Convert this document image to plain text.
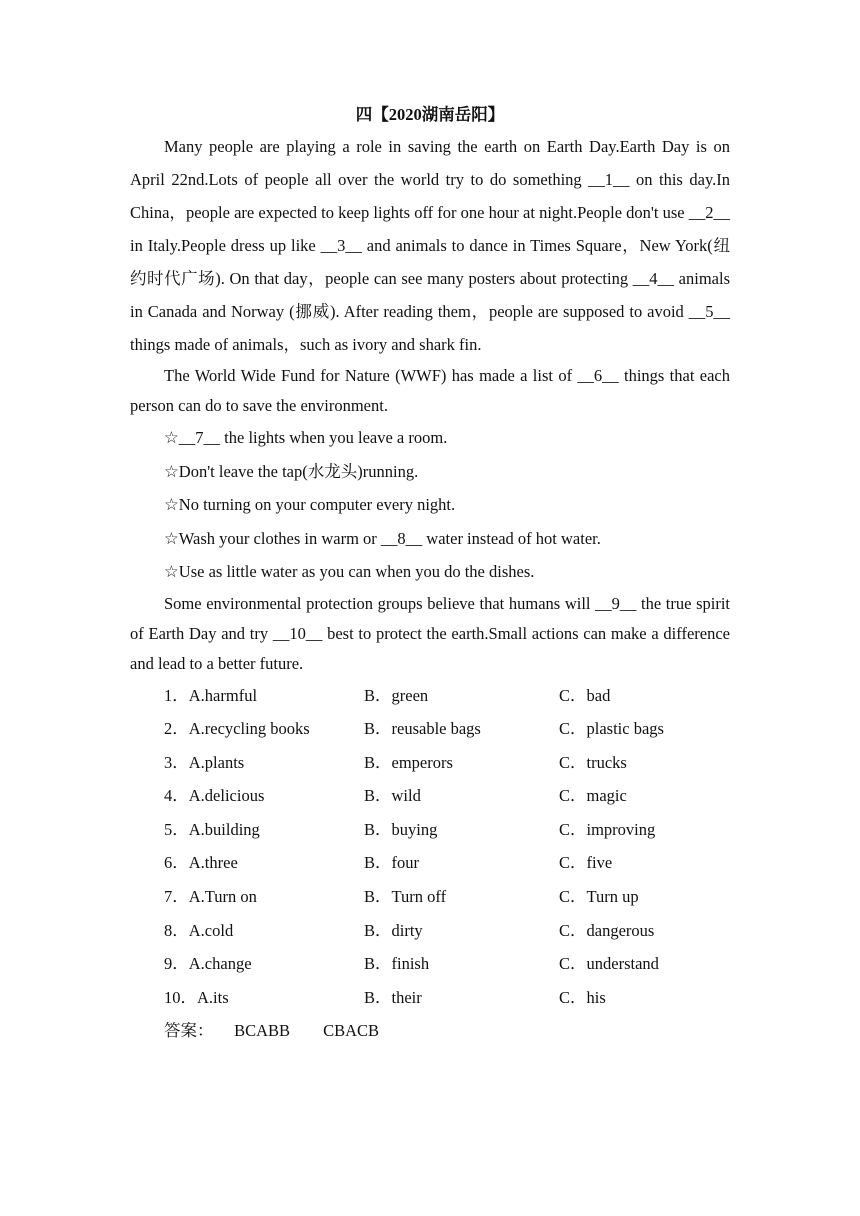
四【2020湖南岳阳】

Many people are playing a role in saving the earth on Earth Day.Earth Day is on April 22nd.Lots of people all over the world try to do something __1__ on this day.In China，people are expected to keep lights off for one hour at night.People don't use __2__ in Italy.People dress up like __3__ and animals to dance in Times Square，New York(纽约时代广场). On that day，people can see many posters about protecting __4__ animals in Canada and Norway (挪威). After reading them，people are supposed to avoid __5__ things made of animals，such as ivory and shark fin.

The World Wide Fund for Nature (WWF) has made a list of __6__ things that each person can do to save the environment.

☆__7__ the lights when you leave a room.

☆Don't leave the tap(水龙头)running.

☆No turning on your computer every night.

☆Wash your clothes in warm or __8__ water instead of hot water.

☆Use as little water as you can when you do the dishes.

Some environmental protection groups believe that humans will __9__ the true spirit of Earth Day and try __10__ best to protect the earth.Small actions can make a difference and lead to a better future.

1．A.harmful	B．green	C．bad
2．A.recycling books	B．reusable bags	C．plastic bags
3．A.plants	B．emperors	C．trucks
4．A.delicious	B．wild	C．magic
5．A.building	B．buying	C．improving
6．A.three	B．four	C．five
7．A.Turn on	B．Turn off	C．Turn up
8．A.cold	B．dirty	C．dangerous
9．A.change	B．finish	C．understand
10．A.its	B．their	C．his

答案： BCABB CBACB
